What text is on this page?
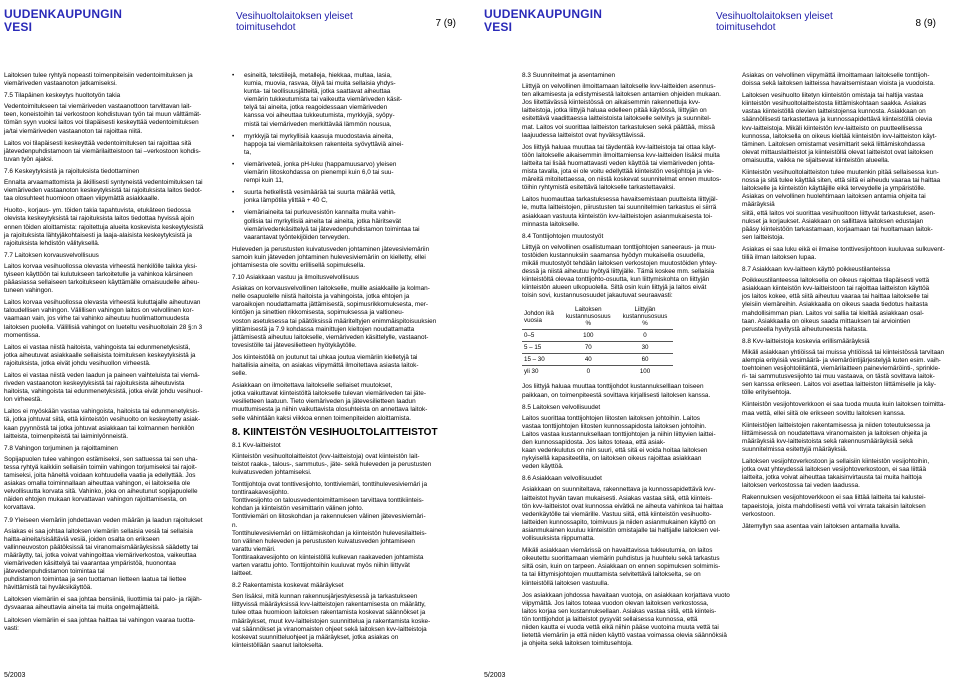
UUDENKAUPUNGIN
VESI
Vesihuoltolaitoksen yleiset
toimitusehdot	7 (9)

Laitoksen tulee ryhtyä nopeasti toimenpiteisiin vedentoimituksen ja
viemäriveden vastaanoton jatkamiseksi.

7.5 Tilapäinen keskeytys huoltotyön takia

Vedentoimitukseen tai viemäriveden vastaanottoon tarvittavan lait-
teen, koneistoihin tai verkostoon kohdistuvan työn tai muun välttämät-
tömän syyn vuoksi laitos voi tilapäisesti keskeyttää vedentoimituksen
ja/tai viemäriveden vastaanoton tai rajoittaa niitä.

Laitos voi tilapäisesti keskeyttää vedentoimituksen tai rajoittaa sitä
jätevedenpuhdistamoon tai viemärilaitteistoon tai –verkostoon kohdis-
tuvan työn ajaksi.

7.6 Keskeytyksistä ja rajoituksista tiedottaminen

Ennalta arvaamattomista ja äkillisesti syntyneistä vedentoimituksen tai
viemäriveden vastaanoton keskeytyksistä tai rajoituksista laitos tiedot-
taa olosuhteet huomioon ottaen viipymättä asiakkaalle.

Huolto-, korjaus- ym. töiden takia tapahtuvista, etukäteen tiedossa
olevista keskeytyksistä tai rajoituksista laitos tiedottaa hyvissä ajoin
ennen töiden aloittamista: rajoitettuja alueita koskevista keskeytyksistä
ja rajoituksista lähtyjäkohtaisesti ja laaja-alaisista keskeytyksistä ja
rajoituksista lehdistön välityksellä.

7.7 Laitoksen korvausvelvollisuus

Laitos korvaa vesihuollossa olevasta virheestä henkilölle taikka yksi-
tyiseen käyttöön tai kulutukseen tarkoitetulle ja vahinkoa kärsineen
pääasiassa sellaiseen tarkoitukseen käyttämälle omaisuudelle aiheu-
tuneen vahingon.

Laitos korvaa vesihuollossa olevasta virheestä kuluttajalle aiheutuvan
taloudellisen vahingon. Välillisen vahingon laitos on velvollinen kor-
vaamaan vain, jos virhe tai vahinko aiheutuu huolimattomuudesta
laitoksen puolella. Välillisiä vahingot on lueteltu vesihuoltolain 28 §:n 3
momentissa.

Laitos ei vastaa niistä haitoista, vahingoista tai edunmenetyksistä,
jotka aiheutuvat asiakkaalle sellaisista toimituksen keskeytyksistä ja
rajoituksista, jotka eivät johdu vesihuollon virheestä.

Laitos ei vastaa niistä veden laadun ja paineen vaihteluista tai viemä-
riveden vastaanoton keskeytyksistä tai rajoituksista aiheutuvista
haitoista, vahingoista tai edunmenetyksistä, jotka eivät johdu vesihuol-
lon virheestä.

Laitos ei myöskään vastaa vahingoista, haitoista tai edunmenetyksis-
tä, jotka johtuvat siitä, että kiinteistön vesihuolto on keskeytetty asiak-
kaan pyynnöstä tai jotka johtuvat asiakkaan tai kolmannen henkilön
laitteista, toimenpiteistä tai laiminlyönneistä.

7.8 Vahingon torjuminen ja rajoittaminen

Sopijapuolen tulee vahingon estämiseksi, sen sattuessa tai sen uha-
tessa ryhtyä kaikkiin sellaisiin toimiin vahingon torjumiseksi tai rajoit-
tamiseksi, joita häneltä voidaan kohtuudella vaatia ja edellyttää. Jos
asiakas omalla toiminnallaan aiheuttaa vahingon, ei laitoksella ole
velvollisuutta korvata sitä. Vahinko, joka on aiheutunut sopijapuolelle
näiden ehtojen mukaan korvattavan vahingon rajoittamisesta, on
korvattava.

7.9 Yleiseen viemäriin johdettavan veden määrän ja laadun rajoitukset

Asiakas ei saa johtaa laitoksen viemäriin sellaisia vesiä tai sellaisia
haitta-aineita/sisältäviä vesiä, joiden osalta on erikseen
vallinneuvoston päätöksissä tai viranomaismääräyksissä säädetty tai
määräytty, tai, jotka voivat vahingoittaa viemäriverkostoa, vaikeuttaa
viemäriveden käsittelyä tai vaarantaa ympäristöä, huonontaa jätevedenpuhdistamon toimintaa tai
puhdistamon toimintaa ja sen tuottaman lietteen laatua tai liettee
hävittämistä tai hyväksikäyttöä.

Laitoksen viemäriin ei saa johtaa bensiiniä, liuottimia tai palo- ja räjäh-
dysvaaraa aiheuttavia aineita tai muita ongelmajätteitä.

Laitoksen viemäriin ei saa johtaa haittaa tai vahingon vaaraa tuotta-
vasti:

•	esineitä, tekstiilejä, metalleja, hiekkaa, multaa, lasia,
kumia, muovia, rasvaa, öljyä tai muita sellaisia yhdys-
kunta- tai teollisuusjätteitä, jotka saattavat aiheuttaa
viemärin tukkeutumista tai vaikeutta viemäriveden käsit-
telyä tai aineita, jotka reagoidessaan viemäriveden
kanssa voi aiheuttaa tukkeutumista, myrkkyjä, syöpy-
mistä tai viemäriveden merkittävää lämmön nousua,
•	myrkkyjä tai myrkyllisiä kaasuja muodostavia aineita,
happoja tai viemärilaitoksen rakenteita syövyttäviä ainei-
ta,
•	viemäriveteä, jonka pH-luku (happamuusarvo) yleisen
viemärin liitoskohdassa on pienempi kuin 6,0 tai suu-
rempi kuin 11,
•	suurta hetkellistä vesimäärää tai suurta määrää vettä,
jonka lämpötila ylittää + 40 C,
•	viemäriaineita tai purkuvesistön kannalta muita vahin-
gollisia tai myrkyllisiä aineita tai aineita, jotka häiritsevät
viemärivedenkäsittelyä tai jätevedenpuhdistamon toimintaa tai
vaarantavat työntekijöiden terveyden.

Huleveden ja perustusten kuivatusveden johtaminen jätevesiviemäriin
samoin kuin jäteveden johtaminen hulevesiviemäriin on kielletty, ellei
johtamisesta ole sovittu erillisellä sopimuksella.

7.10 Asiakkaan vastuu ja ilmoitusvelvollisuus

Asiakas on korvausvelvollinen laitokselle, muille asiakkaille ja kolman-
nelle osapuolelle niistä haitoista ja vahingoista, jotka ehtojen ja
varoaikojen noudattamatta jättämisestä, sopimusrikkomuksesta, mer-
kintöjen ja sinettien rikkomisesta, sopimuksessa ja valtioneu-
voston asetuksessa tai päätöksissä määriteltyjen enimmäispitoisuuksien
ylittämisestä ja 7.9 kohdassa mainittujen kieltojen noudattamatta
jättämisestä aiheutuu laitokselle, viemäriveden käsittelylle, vastaanot-
tovesistölle tai jätevesilietteen hyötykäytölle.

Jos kiinteistöllä on joutunut tai uhkaa joutua viemäriin kielletyjä tai
haitallisia aineita, on asiakas viipymättä ilmoitettava asiasta laitok-
selle.

Asiakkaan on ilmoitettava laitokselle sellaiset muutokset,
jotka vaikuttavat kiinteistöltä laitokselle tulevan viemäriveden tai jäte-
vesilietteen laatuun. Tieto viemäriveden ja jätevesilietteen laadun
muuttumisesta ja niihin vaikuttavista olosuhteista on annettava laitok-
selle vähintään kaksi viikkoa ennen toimenpiteiden aloittamista.

8. KIINTEISTÖN VESIHUOLTOLAITTEISTOT

8.1 Kvv-laitteistot

Kiinteistön vesihuoltolaitteistot (kvv-laitteistoja) ovat kiinteistön lait-
teistot raaka-, talous-, sammutus-, jäte- sekä huleveden ja perustusten
kuivatusveden johtamiseksi.

Tonttijohtoja ovat tonttivesijohto, tonttiviemäri, tonttihulevesiviemäri ja
tonttiraakavesijohto.
Tonttivesijohto on talousvedentoimittamiseen tarvittava tonttikiinteis-
kohdan ja kiinteistön vesimittarin välinen johto.
Tonttiviemäri on liitoskohdan ja rakennuksen välinen jätevesiviemäri-
n.
Tonttihulevesiviemäri on liittämiskohdan ja kiinteistön hulevesilaitteis-
ton välinen huleveden ja perustusten kuivatusveden johtamiseen
varattu viemäri.
Tonttiraakavesijohto on kiinteistöllä kulkevan raakaveden johtamista
varten varattu johto. Tonttijohtoihin kuuluvat myös niihin liittyvät
laitteet.

8.2 Rakentamista koskevat määräykset

Sen lisäksi, mitä kunnan rakennusjärjestyksessä ja tarkastukseen
liittyvissä määräyksissä kvv-laitteistojen rakentamisesta on määrätty,
tulee ottaa huomioon laitoksen rakentamista koskevat säännökset ja
määräykset, muut kvv-laitteistojen suunnittelua ja rakentamista koske-
vat säännökset ja viranomaisten ohjeet sekä laitoksen kvv-laitteistoja
koskevat suunnitteluohjeet ja määräykset, jotka asiakas on
kiinteistöllään saanut laitokselta.

5/2003
UUDENKAUPUNGIN
VESI
Vesihuoltolaitoksen yleiset
toimitusehdot	8 (9)

8.3 Suunnitelmat ja asentaminen

Liittyjä on velvollinen ilmoittamaan laitokselle kvv-laitteiden asennus-
ten alkamisesta ja edistymisestä laitoksen antamien ohjeiden mukaan.
Jos liitettävässä kiinteistössä on aikaisemmin rakennettuja kvv-
laitteistoja, jotka liittyjä haluaa edelleen pitää käytössä, liittyjän on
esitettävä vaadittaessa laitteistoista laitokselle selvitys ja suunnitel-
mat. Laitos voi suorittaa laitteiston tarkastuksen sekä päättää, missä
laajuudessa laitteistot ovat hyväksyttävissä.

Jos liittyjä haluaa muuttaa tai täydentää kvv-laitteistoja tai ottaa käyt-
töön laitokselle aikaisemmin ilmoittamiensa kvv-laitteiden lisäksi muita
laitteita tai lisää huomattavasti veden käyttöä tai viemäriveden johta-
mista tavalla, jota ei ole voitu edellyttää kiinteistön vesijohtoja ja vie-
märeitä mitoitettaessa, on niistä koskevat suunnitelmat ennen muutos-
töihin ryhtymistä esitettävä laitokselle tarkastettavaksi.

Laitos huomauttaa tarkastuksessa havaitsemistaan puutteista liittyjäl-
le, mutta laitteistojen, piirustusten tai suunnitelmien tarkastus ei siirrä
asiakkaan vastuuta kiinteistön kvv-laitteistojen asianmukaisesta toi-
minnasta laitokselle.

8.4 Tonttijohtojen muutostyöt

Liittyjä on velvollinen osallistumaan tonttijohtojen saneeraus- ja muu-
tostöiden kustannuksiin saamansa hyödyn mukaisella osuudella,
mikäli muutostyöt tehdään laitoksen verkostojen muutostöiden yhtey-
dessä ja niistä aiheutuu hyötyä liittyjälle. Tämä koskee mm. sellaisia
kiinteistöltä olevaa tonttijohto-osuutta, kun liittymiskohta on liittyjän
kiinteistön alueen ulkopuolella. Siltä osin kuin liittyjä ja laitos eivät
toisin sovi, kustannusosuudet jakautuvat seuraavasti:

Johdon ikä
vuosia	Laitoksen
kustannusosuus
%	Liittyjän
kustannusosuus
%
0–5	100	0
5 – 15	70	30
15 – 30	40	60
yli 30	0	100

Jos liittyjä haluaa muuttaa tonttijohdot kustannukselllaan toiseen
paikkaan, on toimenpiteestä sovittava kirjallisesti laitoksen kanssa.

8.5 Laitoksen velvollisuudet

Laitos suorittaa tonttijohtojen liitosten laitoksen johtoihin. Laitos
vastaa tonttijohtojen liitosten kunnossapidosta laitoksen johtoihin.
Laitos vastaa kustannuksellaan tonttijohtojen ja niihin liittyvien laittei-
den kunnossapidosta. Jos laitos toteaa, että asiak-
kaan vedenkulutus on niin suuri, että sitä ei voida hoitaa laitoksen
nykyisellä kapasiteetilla, on laitoksen oikeus rajoittaa asiakkaan
veden käyttöä.

8.6 Asiakkaan velvollisuudet

Asiakkaan on suunniteltava, rakennettava ja kunnossapidettävä kvv-
laitteistot hyvän tavan mukaisesti. Asiakas vastaa siitä, että kiinteis-
tön kvv-laitteistot ovat kunnossa eivätkä ne aiheuta vahinkoa tai haittaa
vedenkäytölle tai viemärille. Vastuu siitä, että kiinteistön vesihuolto-
laitteiden kunnossapito, toimivuus ja niiden asianmukainen käyttö on
asianmukainen kuuluu kiinteistön omistajalle tai haltijalle laitoksen vel-
vollisuuksista riippumatta.

Mikäli asiakkaan viemärissä on havaittavissa tukkeutumia, on laitos
oikeutettu suorittamaan viemärin puhdistus ja huuhtelu sekä tarkastus
siltä osin, kuin on tarpeen. Asiakkaan on ennen sopimuksen solmimis-
ta tai liittymisjohtojen muuttamista selvitettävä laitokselta, se on
kiinteistöllä laitoksen vastuulla.

Jos asiakkaan johdossa havaitaan vuotoja, on asiakkaan korjattava vuoto
viipymättä. Jos laitos toteaa vuodon olevan laitoksen verkostossa,
laitos korjaa sen kustannuksellaan. Asiakas vastaa siitä, että kiinteis-
tön tonttijohdot ja laitteistot pysyvät sellaisessa kunnossa, että
niiden kautta ei vuoda vettä eikä niihin pääse vuotoina muuta vettä tai
lietettä viemäriin ja että niiden käyttö vastaa voimassa olevia säännöksiä
ja ohjeita sekä laitoksen toimitusehtoja.

Asiakas on velvollinen viipymättä ilmoittamaan laitokselle tonttijoh-
doissa sekä laitoksen laitteissa havaitsemistaan vioista ja vuodoista.

Laitoksen vesihuolto liitetyn kiinteistön omistaja tai haltija vastaa
kiinteistön vesihuoltolaitteistosta liittämiskohtaan saakka. Asiakas
vastaa kiinteistöllä olevien laitteistojensa kunnosta. Asiakkaan on
säännöllisesti tarkastettava ja kunnossapidettävä kiinteistöllä olevia
kvv-laitteistoja. Mikäli kiinteistön kvv-laitteisto on puutteellisessa
kunnossa, laitoksella on oikeus kieltää kiinteistön kvv-laitteiston käyt-
täminen. Laitoksen omistamat vesimittarit sekä liittämiskohdassa
olevat mittauslaitteistot ja kiinteistöllä olevat laitteistot ovat laitoksen
omaisuutta, vaikka ne sijaitsevat kiinteistön alueella.

Kiinteistön vesihuoltolaitteiston tulee muutenkin pitää sellaisessa kun-
nossa ja sitä tulee käyttää siten, että siitä ei aiheudu vaaraa tai haittaa
laitokselle ja kiinteistön käyttäjille eikä terveydelle ja ympäristölle.
Asiakas on velvollinen huolehtimaan laitoksen antamia ohjeita tai määräyksiä
siitä, että laitos voi suorittaa vesihuoltoon liittyvät tarkastukset, asen-
nukset ja korjaukset. Asiakkaan on sallittava laitoksen edustajan
pääsy kiinteistöön tarkastamaan, korjaamaan tai huoltamaan laitok-
sen laitteistoja.

Asiakas ei saa luku eikä ei ilmaise tonttivesijohtoon kuuluvaa sulkuvent-
tiiliä ilman laitoksen lupaa.

8.7 Asiakkaan kvv-laitteen käyttö poikkeustilanteissa

Poikkeustilanteessa laitoksella on oikeus rajoittaa tilapäisesti vettä
asiakkaan kiinteistön kvv-laitteistoon tai rajoittaa laitteiston käyttöä
jos laitos kokee, että siitä aiheutuu vaaraa tai haittaa laitokselle tai
yleisiin viemäreihin. Asiakkaalla on oikeus saada tiedotus haitasta
mahdollisimman pian. Laitos voi sallia tai kieltää asiakkaan osal-
taan. Asiakkaalla on oikeus saada mittauksen tai arviointien
perusteella hyvitystä aiheutuneesta haitasta.

8.8 Kvv-laitteistoja koskevia erillismääräyksiä

Mikäli asiakkaan yhtiöissä tai muissa yhtiöissä tai kiinteistössä tarvitaan
alempia erityisiä vesimäärä- ja viemäröintijärjestelyjä kuten esim. vaih-
toehtoinen vesijohtoliitäntä, viemärilaitteen paineviemäröinti-, sprinkle-
ri- tai sammutusvesijohto tai muu vastaava, on tästä sovittava laitok-
sen kanssa erikseen. Laitos voi asettaa laitteiston liittämiselle ja käy-
tölle erityisehtoja.

Kiinteistön vesijohtoverkkoon ei saa tuoda muuta kuin laitoksen toimitta-
maa vettä, ellei siitä ole erikseen sovittu laitoksen kanssa.

Kiinteistöjen laitteistojen rakentamisessa ja niiden toteutuksessa ja
liittämisessä on noudatettava viranomaisten ja laitoksen ohjeita ja
määräyksiä kvv-laitteistoista sekä rakennusmääräyksiä sekä
suunnitelmissa esitettyjä määräyksiä.

Laitoksen vesijohtoverkostoon ja sellaisiin kiinteistön vesijohtoihin,
jotka ovat yhteydessä laitoksen vesijohtoverkostoon, ei saa liittää
laitteita, jotka voivat aiheuttaa takaisinvirtausta tai muita haittoja
laitoksen verkostossa tai veden laadussa.

Rakennuksen vesijohtoverkkoon ei saa liittää laitteita tai kalustei-
tapaeistoja, joista mahdollisesti vettä voi virrata takaisin laitoksen
verkostoon.

Jätemyllyn saa asentaa vain laitoksen antamalla luvalla.

5/2003
